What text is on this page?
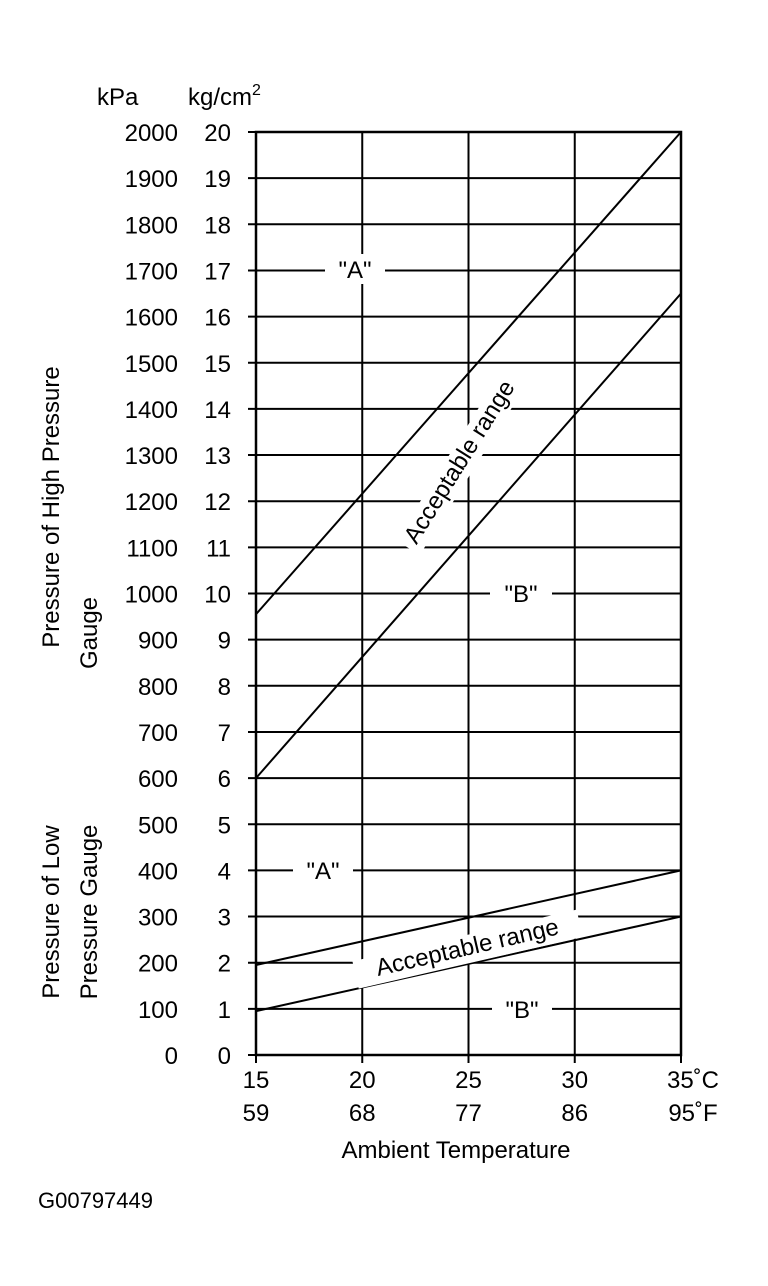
kPa $kg/cm^2$
0 0
100 1
200 2
300 3
400 4
500 5
600 6
700 7
800 8
900 9
1000 10
1100 11
1200 12
1300 13
1400 14
1500 15
1600 16
1700 17
1800 18
1900 19
2000 20
15
59
20
68
25
77
30
86
35˚C
95˚F
"A"
"B"
"A"
"B"
Acceptable range
Acceptable range
Pressure of High Pressure Gauge
Pressure of Low Pressure Gauge
Ambient Temperature
G00797449
